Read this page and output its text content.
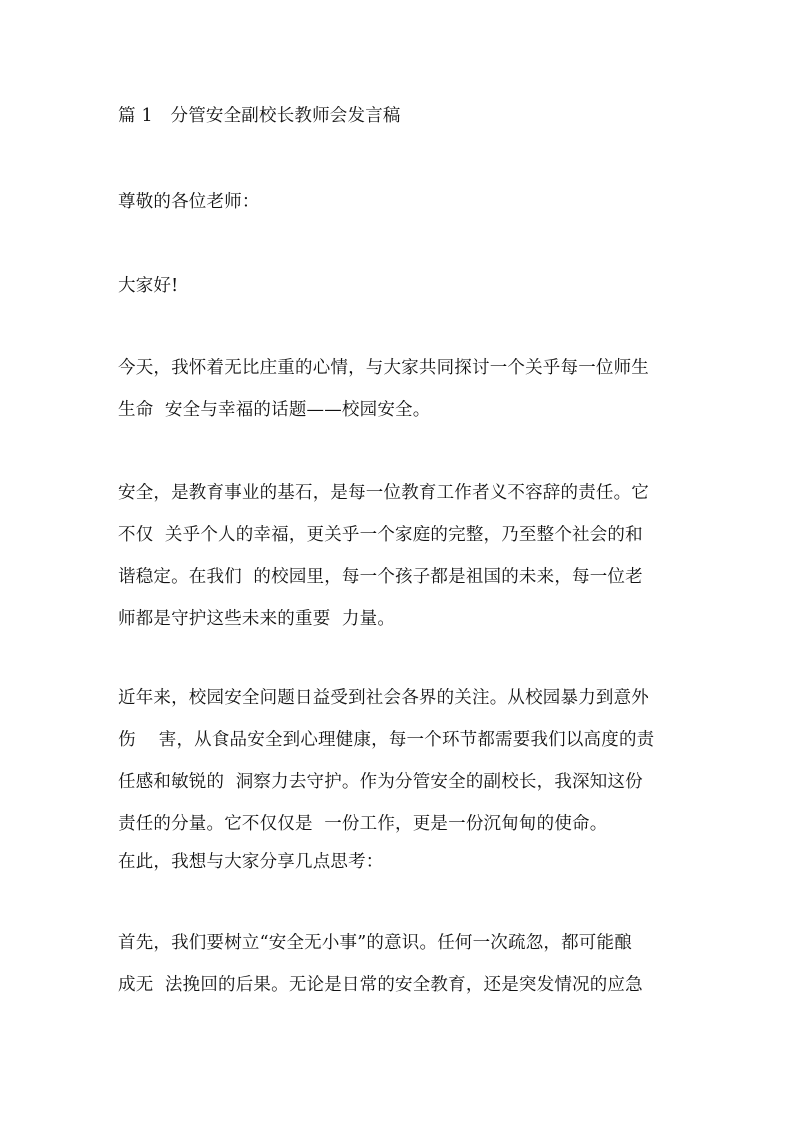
篇 1　分管安全副校长教师会发言稿
尊敬的各位老师：
大家好!
今天，我怀着无比庄重的心情，与大家共同探讨一个关乎每一位师生
生命  安全与幸福的话题——校园安全。
安全，是教育事业的基石，是每一位教育工作者义不容辞的责任。它
不仅  关乎个人的幸福，更关乎一个家庭的完整，乃至整个社会的和
谐稳定。在我们  的校园里，每一个孩子都是祖国的未来，每一位老
师都是守护这些未来的重要  力量。
近年来，校园安全问题日益受到社会各界的关注。从校园暴力到意外
伤    害，从食品安全到心理健康，每一个环节都需要我们以高度的责
任感和敏锐的  洞察力去守护。作为分管安全的副校长，我深知这份
责任的分量。它不仅仅是  一份工作，更是一份沉甸甸的使命。
在此，我想与大家分享几点思考：
首先，我们要树立“安全无小事”的意识。任何一次疏忽，都可能酿
成无  法挽回的后果。无论是日常的安全教育，还是突发情况的应急
